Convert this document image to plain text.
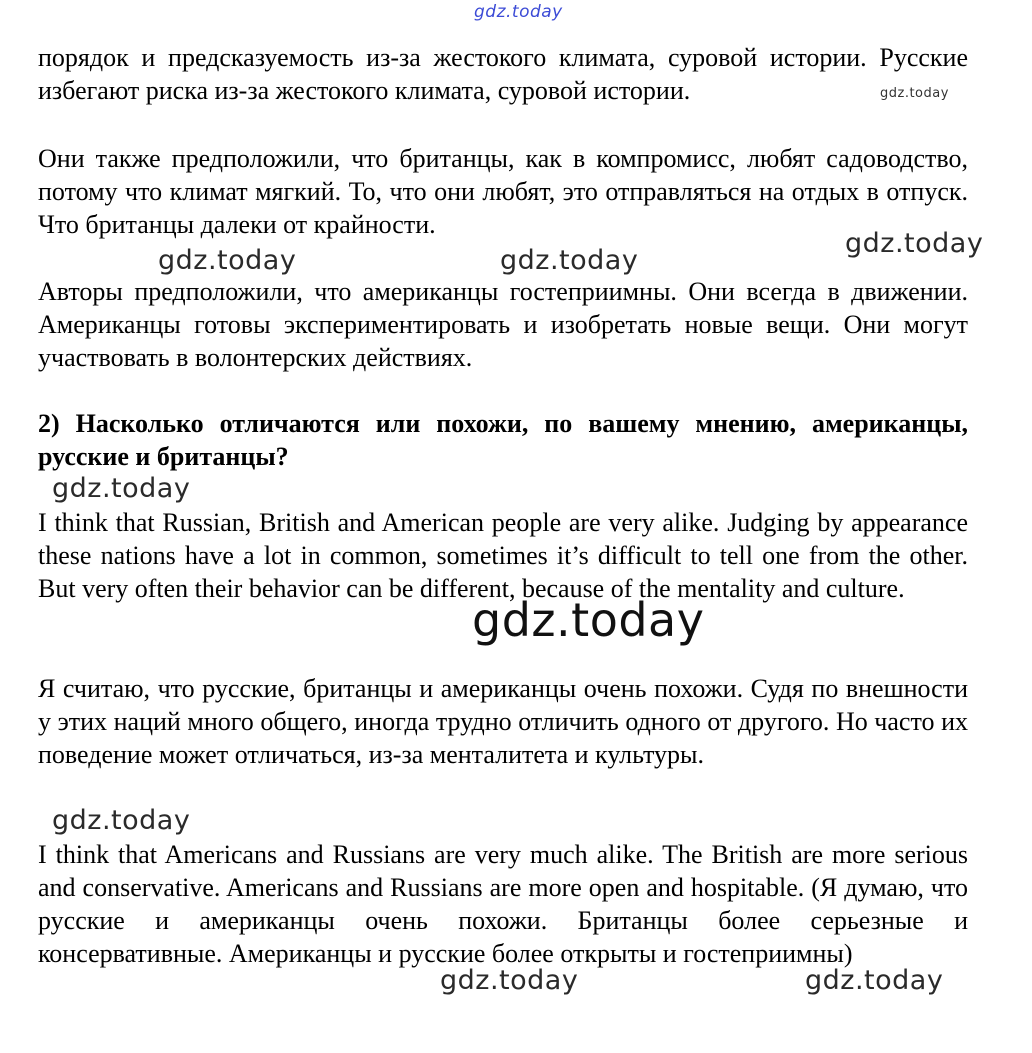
gdz.today

порядок и предсказуемость из-за жестокого климата, суровой истории. Русские избегают риска из-за жестокого климата, суровой истории.	gdz.today

Они также предположили, что британцы, как в компромисс, любят садоводство, потому что климат мягкий. То, что они любят, это отправляться на отдых в отпуск. Что британцы далеки от крайности.

gdz.today
gdz.today	gdz.today

Авторы предположили, что американцы гостеприимны. Они всегда в движении. Американцы готовы экспериментировать и изобретать новые вещи. Они могут участвовать в волонтерских действиях.

2) Насколько отличаются или похожи, по вашему мнению, американцы, русские и британцы?

gdz.today

I think that Russian, British and American people are very alike. Judging by appearance these nations have a lot in common, sometimes it’s difficult to tell one from the other. But very often their behavior can be different, because of the mentality and culture.

gdz.today

Я считаю, что русские, британцы и американцы очень похожи. Судя по внешности у этих наций много общего, иногда трудно отличить одного от другого. Но часто их поведение может отличаться, из-за менталитета и культуры.

gdz.today

I think that Americans and Russians are very much alike. The British are more serious and conservative. Americans and Russians are more open and hospitable. (Я думаю, что русские и американцы очень похожи. Британцы более серьезные и консервативные. Американцы и русские более открыты и гостеприимны)

gdz.today	gdz.today
